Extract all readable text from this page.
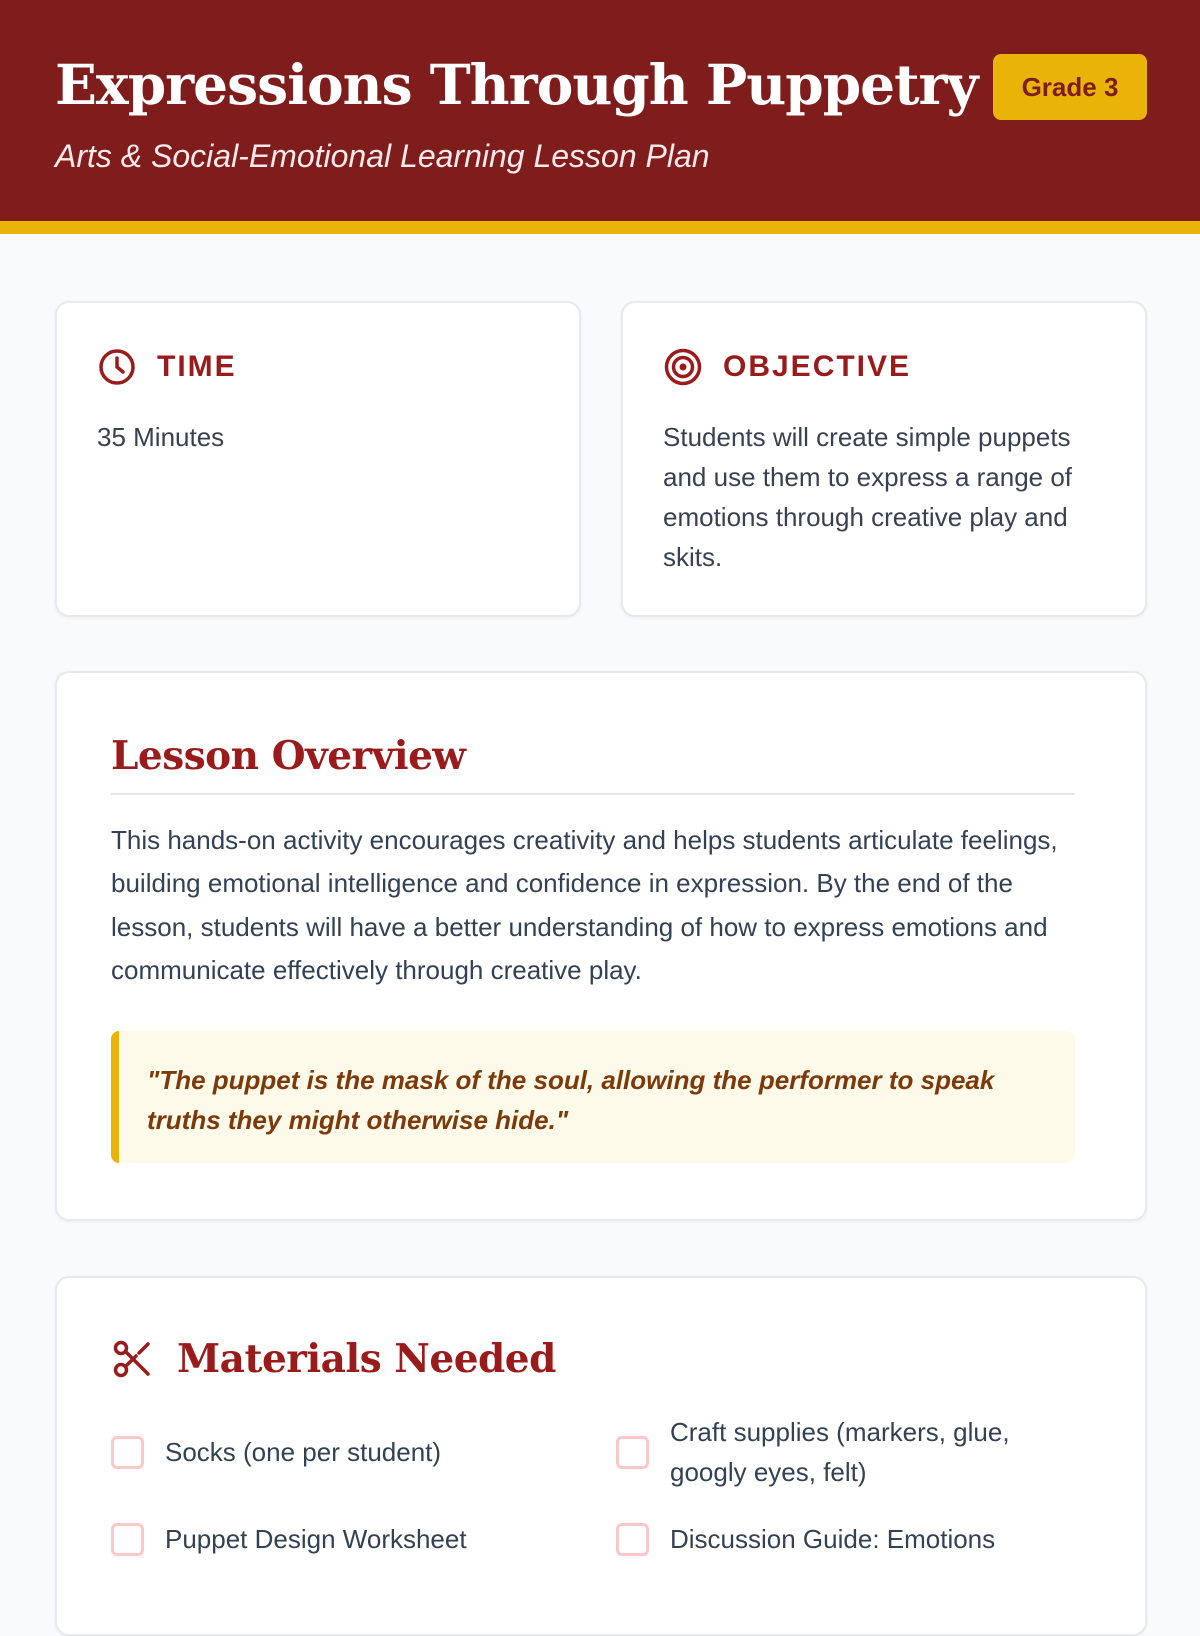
Expressions Through Puppetry
Arts & Social-Emotional Learning Lesson Plan
Grade 3
TIME
35 Minutes
OBJECTIVE
Students will create simple puppets and use them to express a range of emotions through creative play and skits.
Lesson Overview

This hands-on activity encourages creativity and helps students articulate feelings, building emotional intelligence and confidence in expression. By the end of the lesson, students will have a better understanding of how to express emotions and communicate effectively through creative play.

"The puppet is the mask of the soul, allowing the performer to speak truths they might otherwise hide."
Materials Needed
Socks (one per student)
Craft supplies (markers, glue, googly eyes, felt)
Puppet Design Worksheet	Discussion Guide: Emotions
